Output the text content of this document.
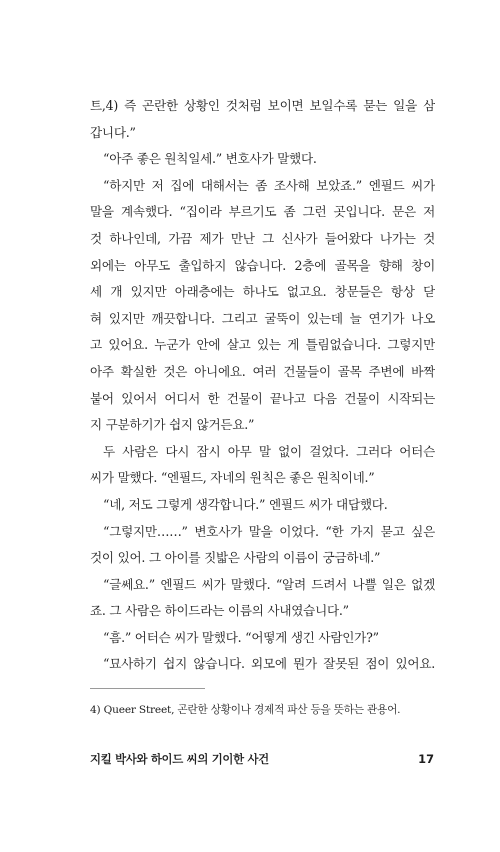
트,4) 즉 곤란한 상황인 것처럼 보이면 보일수록 묻는 일을 삼
갑니다.”
“아주 좋은 원칙일세.” 변호사가 말했다.
“하지만 저 집에 대해서는 좀 조사해 보았죠.” 엔필드 씨가
말을 계속했다. “집이라 부르기도 좀 그런 곳입니다. 문은 저
것 하나인데, 가끔 제가 만난 그 신사가 들어왔다 나가는 것
외에는 아무도 출입하지 않습니다. 2층에 골목을 향해 창이
세 개 있지만 아래층에는 하나도 없고요. 창문들은 항상 닫
혀 있지만 깨끗합니다. 그리고 굴뚝이 있는데 늘 연기가 나오
고 있어요. 누군가 안에 살고 있는 게 틀림없습니다. 그렇지만
아주 확실한 것은 아니에요. 여러 건물들이 골목 주변에 바짝
붙어 있어서 어디서 한 건물이 끝나고 다음 건물이 시작되는
지 구분하기가 쉽지 않거든요.”
두 사람은 다시 잠시 아무 말 없이 걸었다. 그러다 어터슨
씨가 말했다. “엔필드, 자네의 원칙은 좋은 원칙이네.”
“네, 저도 그렇게 생각합니다.” 엔필드 씨가 대답했다.
“그렇지만……” 변호사가 말을 이었다. “한 가지 묻고 싶은
것이 있어. 그 아이를 짓밟은 사람의 이름이 궁금하네.”
“글쎄요.” 엔필드 씨가 말했다. “알려 드려서 나쁠 일은 없겠
죠. 그 사람은 하이드라는 이름의 사내였습니다.”
“흠.” 어터슨 씨가 말했다. “어떻게 생긴 사람인가?”
“묘사하기 쉽지 않습니다. 외모에 뭔가 잘못된 점이 있어요.
4) Queer Street, 곤란한 상황이나 경제적 파산 등을 뜻하는 관용어.
지킬 박사와 하이드 씨의 기이한 사건	17
